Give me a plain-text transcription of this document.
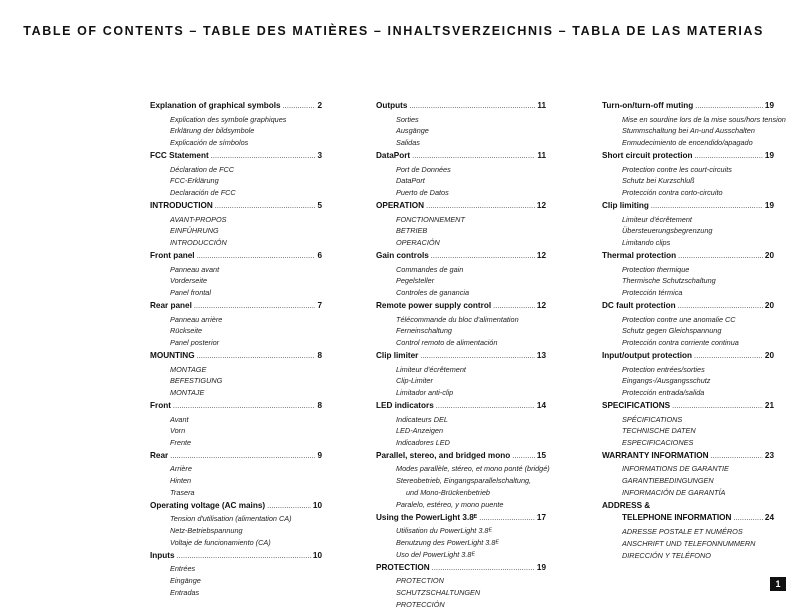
TABLE OF CONTENTS – TABLE DES MATIÈRES – INHALTSVERZEICHNIS – TABLA DE LAS MATERIAS
Explanation of graphical symbols .....	2
Explication des symbole graphiques
Erklärung der bildsymbole
Explicación de símbolos
FCC Statement .....	3
Déclaration de FCC
FCC-Erklärung
Declaración de FCC
INTRODUCTION .....	5
AVANT-PROPOS
EINFÜHRUNG
INTRODUCCIÓN
Front panel .....	6
Panneau avant
Vorderseite
Panel frontal
Rear panel .....	7
Panneau arrière
Rückseite
Panel posterior
MOUNTING .....	8
MONTAGE
BEFESTIGUNG
MONTAJE
Front .....	8
Avant
Vorn
Frente
Rear .....	9
Arrière
Hinten
Trasera
Operating voltage (AC mains) .....	10
Tension d'utilisation (alimentation CA)
Netz-Betriebspannung
Voltaje de funcionamiento (CA)
Inputs .....	10
Entrées
Eingänge
Entradas
Outputs .....	11
Sorties
Ausgänge
Salidas
DataPort .....	11
Port de Données
DataPort
Puerto de Datos
OPERATION .....	12
FONCTIONNEMENT
BETRIEB
OPERACIÓN
Gain controls .....	12
Commandes de gain
Pegelsteller
Controles de ganancia
Remote power supply control .....	12
Télécommande du bloc d'alimentation
Ferneinschaltung
Control remoto de alimentación
Clip limiter .....	13
Limiteur d'écrêtement
Clip-Limiter
Limitador anti-clip
LED indicators .....	14
Indicateurs DEL
LED-Anzeigen
Indicadores LED
Parallel, stereo, and bridged mono .....	15
Modes parallèle, stéreo, et mono ponté (bridgé)
Stereobetrieb, Eingangsparallelschaltung,
und Mono-Brückenbetrieb
Paralelo, estéreo, y mono puente
Using the PowerLight 3.8ᴱ .....	17
Utilisation du PowerLight 3.8ᴱ
Benutzung des PowerLight 3.8ᴱ
Uso del PowerLight 3.8ᴱ
PROTECTION .....	19
PROTECTION
SCHUTZSCHALTUNGEN
PROTECCIÓN
Turn-on/turn-off muting .....	19
Mise en sourdine lors de la mise sous/hors tension
Stummschaltung bei An-und Ausschalten
Enmudecimiento de encendido/apagado
Short circuit protection .....	19
Protection contre les court-circuits
Schutz bei Kurzschluß
Protección contra corto-circuito
Clip limiting .....	19
Limiteur d'écrêtement
Übersteuerungsbegrenzung
Limitando clips
Thermal protection .....	20
Protection thermique
Thermische Schutzschaltung
Protección térmica
DC fault protection .....	20
Protection contre une anomalie CC
Schutz gegen Gleichspannung
Protección contra corriente continua
Input/output protection .....	20
Protection entrées/sorties
Eingangs-/Ausgangsschutz
Protección entrada/salida
SPECIFICATIONS .....	21
SPÉCIFICATIONS
TECHNISCHE DATEN
ESPECIFICACIONES
WARRANTY INFORMATION .....	23
INFORMATIONS DE GARANTIE
GARANTIEBEDINGUNGEN
INFORMACIÓN DE GARANTÍA
ADDRESS &
TELEPHONE INFORMATION .....	24
ADRESSE POSTALE ET NUMÉROS
ANSCHRIFT UND TELEFONNUMMERN
DIRECCIÓN Y TELÉFONO
1
